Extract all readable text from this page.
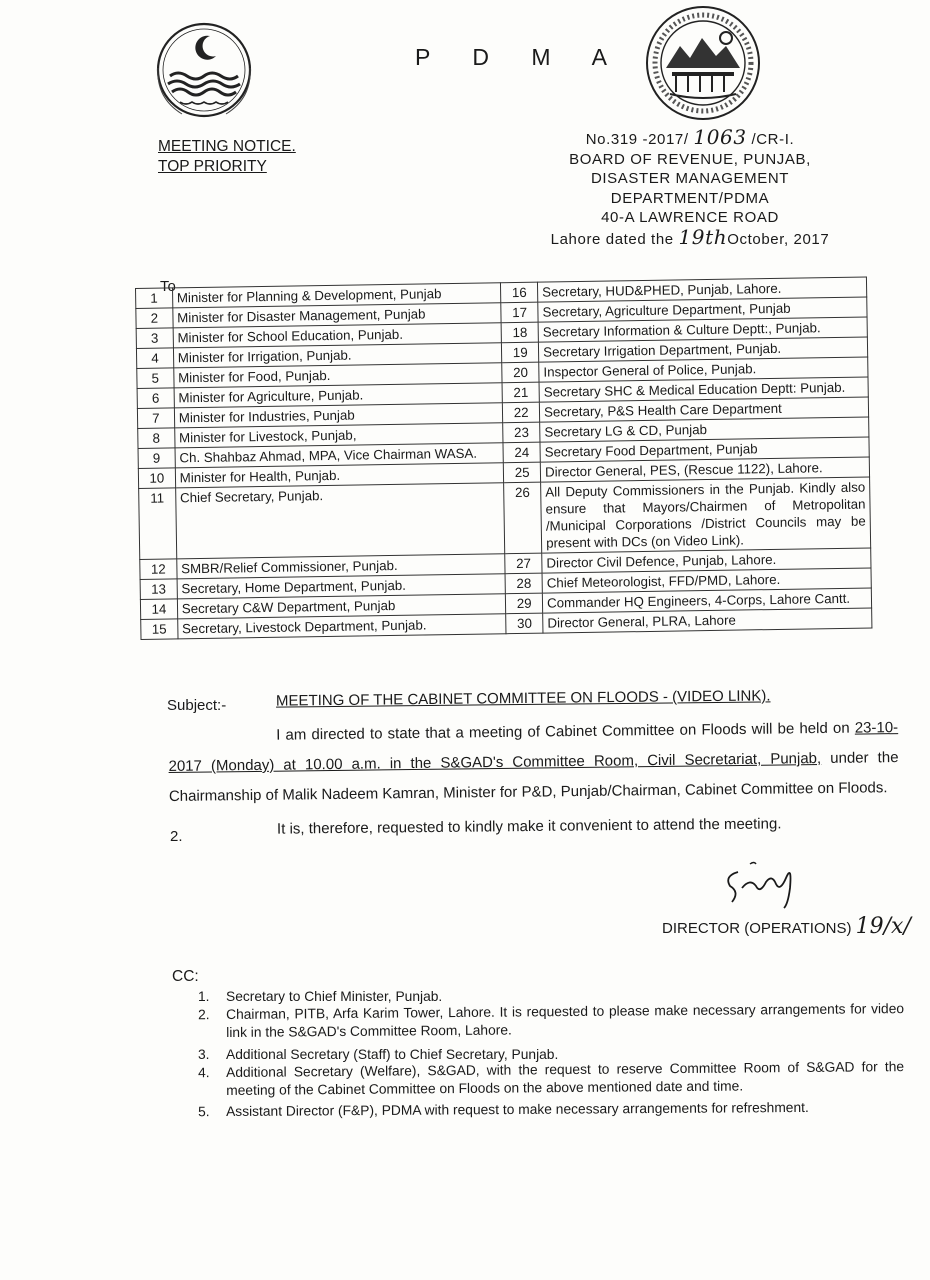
P D M A
MEETING NOTICE.
TOP PRIORITY
No.319 -2017/ 1063 /CR-I.
BOARD OF REVENUE, PUNJAB,
DISASTER MANAGEMENT
DEPARTMENT/PDMA
40-A LAWRENCE ROAD
Lahore dated the 19thOctober, 2017
To
1	Minister for Planning & Development, Punjab	16	Secretary, HUD&PHED, Punjab, Lahore.
2	Minister for Disaster Management, Punjab	17	Secretary, Agriculture Department, Punjab
3	Minister for School Education, Punjab.	18	Secretary Information & Culture Deptt:, Punjab.
4	Minister for Irrigation, Punjab.	19	Secretary Irrigation Department, Punjab.
5	Minister for Food, Punjab.	20	Inspector General of Police, Punjab.
6	Minister for Agriculture, Punjab.	21	Secretary SHC & Medical Education Deptt: Punjab.
7	Minister for Industries, Punjab	22	Secretary, P&S Health Care Department
8	Minister for Livestock, Punjab,	23	Secretary LG & CD, Punjab
9	Ch. Shahbaz Ahmad, MPA, Vice Chairman WASA.	24	Secretary Food Department, Punjab
10	Minister for Health, Punjab.	25	Director General, PES, (Rescue 1122), Lahore.
11	Chief Secretary, Punjab.	26	All Deputy Commissioners in the Punjab. Kindly also ensure that Mayors/Chairmen of Metropolitan /Municipal Corporations /District Councils may be present with DCs (on Video Link).
12	SMBR/Relief Commissioner, Punjab.	27	Director Civil Defence, Punjab, Lahore.
13	Secretary, Home Department, Punjab.	28	Chief Meteorologist, FFD/PMD, Lahore.
14	Secretary C&W Department, Punjab	29	Commander HQ Engineers, 4-Corps, Lahore Cantt.
15	Secretary, Livestock Department, Punjab.	30	Director General, PLRA, Lahore
Subject:-	MEETING OF THE CABINET COMMITTEE ON FLOODS - (VIDEO LINK).
I am directed to state that a meeting of Cabinet Committee on Floods will be held on 23-10-2017 (Monday) at 10.00 a.m. in the S&GAD's Committee Room, Civil Secretariat, Punjab, under the Chairmanship of Malik Nadeem Kamran, Minister for P&D, Punjab/Chairman, Cabinet Committee on Floods.
2.	It is, therefore, requested to kindly make it convenient to attend the meeting.
DIRECTOR (OPERATIONS) 19/x/
CC:
1. Secretary to Chief Minister, Punjab.
2. Chairman, PITB, Arfa Karim Tower, Lahore. It is requested to please make necessary arrangements for video link in the S&GAD's Committee Room, Lahore.
3. Additional Secretary (Staff) to Chief Secretary, Punjab.
4. Additional Secretary (Welfare), S&GAD, with the request to reserve Committee Room of S&GAD for the meeting of the Cabinet Committee on Floods on the above mentioned date and time.
5. Assistant Director (F&P), PDMA with request to make necessary arrangements for refreshment.
